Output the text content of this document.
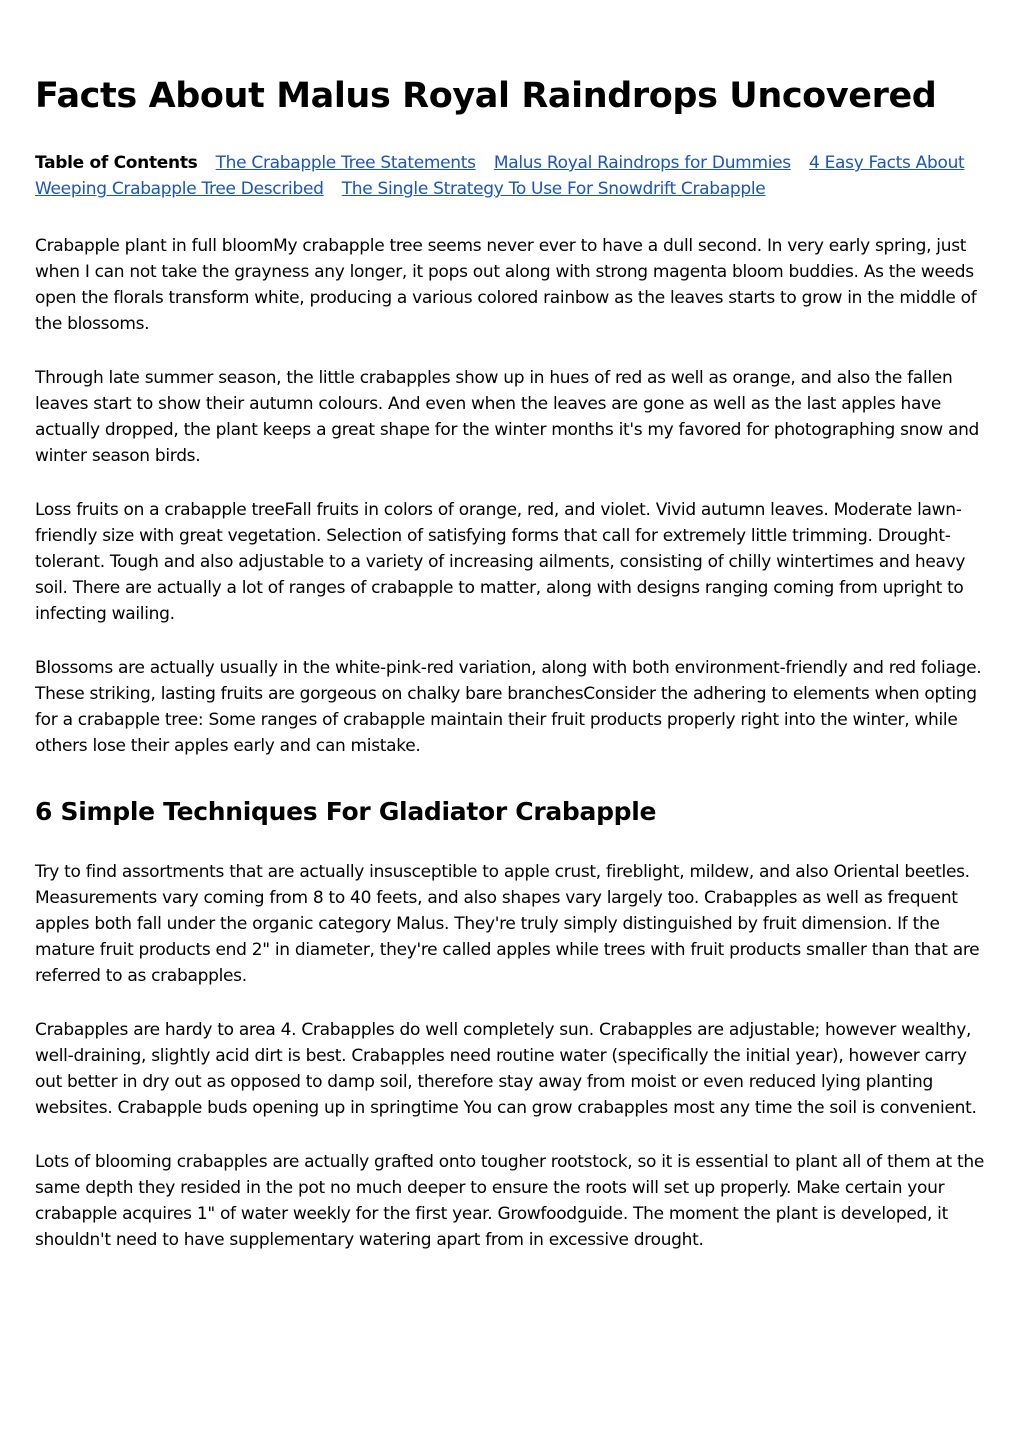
Facts About Malus Royal Raindrops Uncovered
Table of Contents The Crabapple Tree Statements Malus Royal Raindrops for Dummies 4 Easy Facts About Weeping Crabapple Tree Described The Single Strategy To Use For Snowdrift Crabapple

Crabapple plant in full bloomMy crabapple tree seems never ever to have a dull second. In very early spring, just when I can not take the grayness any longer, it pops out along with strong magenta bloom buddies. As the weeds open the florals transform white, producing a various colored rainbow as the leaves starts to grow in the middle of the blossoms.

Through late summer season, the little crabapples show up in hues of red as well as orange, and also the fallen leaves start to show their autumn colours. And even when the leaves are gone as well as the last apples have actually dropped, the plant keeps a great shape for the winter months it's my favored for photographing snow and winter season birds.

Loss fruits on a crabapple treeFall fruits in colors of orange, red, and violet. Vivid autumn leaves. Moderate lawn-friendly size with great vegetation. Selection of satisfying forms that call for extremely little trimming. Drought-tolerant. Tough and also adjustable to a variety of increasing ailments, consisting of chilly wintertimes and heavy soil. There are actually a lot of ranges of crabapple to matter, along with designs ranging coming from upright to infecting wailing.

Blossoms are actually usually in the white-pink-red variation, along with both environment-friendly and red foliage. These striking, lasting fruits are gorgeous on chalky bare branchesConsider the adhering to elements when opting for a crabapple tree: Some ranges of crabapple maintain their fruit products properly right into the winter, while others lose their apples early and can mistake.

6 Simple Techniques For Gladiator Crabapple

Try to find assortments that are actually insusceptible to apple crust, fireblight, mildew, and also Oriental beetles. Measurements vary coming from 8 to 40 feets, and also shapes vary largely too. Crabapples as well as frequent apples both fall under the organic category Malus. They're truly simply distinguished by fruit dimension. If the mature fruit products end 2" in diameter, they're called apples while trees with fruit products smaller than that are referred to as crabapples.

Crabapples are hardy to area 4. Crabapples do well completely sun. Crabapples are adjustable; however wealthy, well-draining, slightly acid dirt is best. Crabapples need routine water (specifically the initial year), however carry out better in dry out as opposed to damp soil, therefore stay away from moist or even reduced lying planting websites. Crabapple buds opening up in springtime You can grow crabapples most any time the soil is convenient.

Lots of blooming crabapples are actually grafted onto tougher rootstock, so it is essential to plant all of them at the same depth they resided in the pot no much deeper to ensure the roots will set up properly. Make certain your crabapple acquires 1" of water weekly for the first year. Growfoodguide. The moment the plant is developed, it shouldn't need to have supplementary watering apart from in excessive drought.
